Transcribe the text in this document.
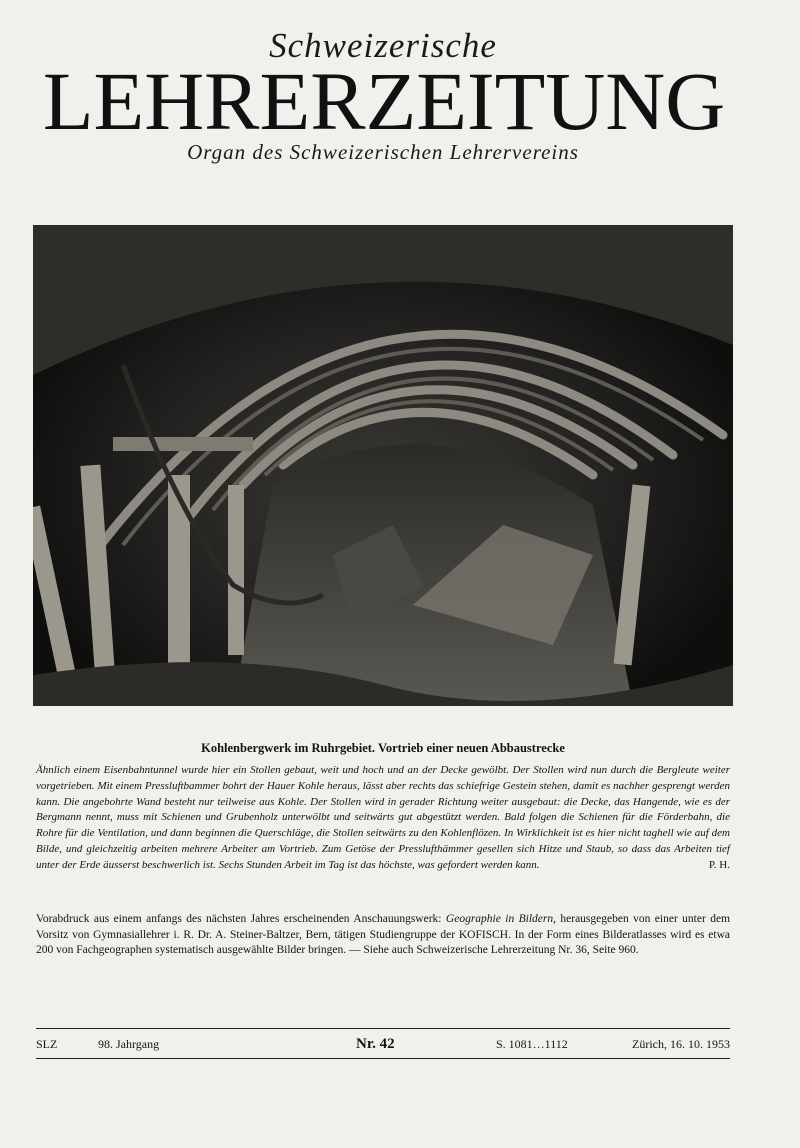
Schweizerische
LEHRERZEITUNG
Organ des Schweizerischen Lehrervereins
Kohlenbergwerk im Ruhrgebiet. Vortrieb einer neuen Abbaustrecke
Ähnlich einem Eisenbahntunnel wurde hier ein Stollen gebaut, weit und hoch und an der Decke gewölbt. Der Stollen wird nun durch die Bergleute weiter vorgetrieben. Mit einem Pressluftbammer bohrt der Hauer Kohle heraus, lässt aber rechts das schiefrige Gestein stehen, damit es nachher gesprengt werden kann. Die angebohrte Wand besteht nur teilweise aus Kohle. Der Stollen wird in gerader Richtung weiter ausgebaut: die Decke, das Hangende, wie es der Bergmann nennt, muss mit Schienen und Grubenholz unterwölbt und seitwärts gut abgestützt werden. Bald folgen die Schienen für die Förderbahn, die Rohre für die Ventilation, und dann beginnen die Querschläge, die Stollen seitwärts zu den Kohlenflözen. In Wirklichkeit ist es hier nicht taghell wie auf dem Bilde, und gleichzeitig arbeiten mehrere Arbeiter am Vortrieb. Zum Getöse der Presslufthämmer gesellen sich Hitze und Staub, so dass das Arbeiten tief unter der Erde äusserst beschwerlich ist. Sechs Stunden Arbeit im Tag ist das höchste, was gefordert werden kann.	P. H.
Vorabdruck aus einem anfangs des nächsten Jahres erscheinenden Anschauungswerk: Geographie in Bildern, herausgegeben von einer unter dem Vorsitz von Gymnasiallehrer i. R. Dr. A. Steiner-Baltzer, Bern, tätigen Studiengruppe der KOFISCH. In der Form eines Bilderatlasses wird es etwa 200 von Fachgeographen systematisch ausgewählte Bilder bringen. — Siehe auch Schweizerische Lehrerzeitung Nr. 36, Seite 960.
SLZ	98. Jahrgang	Nr. 42	S. 1081…1112	Zürich, 16. 10. 1953
